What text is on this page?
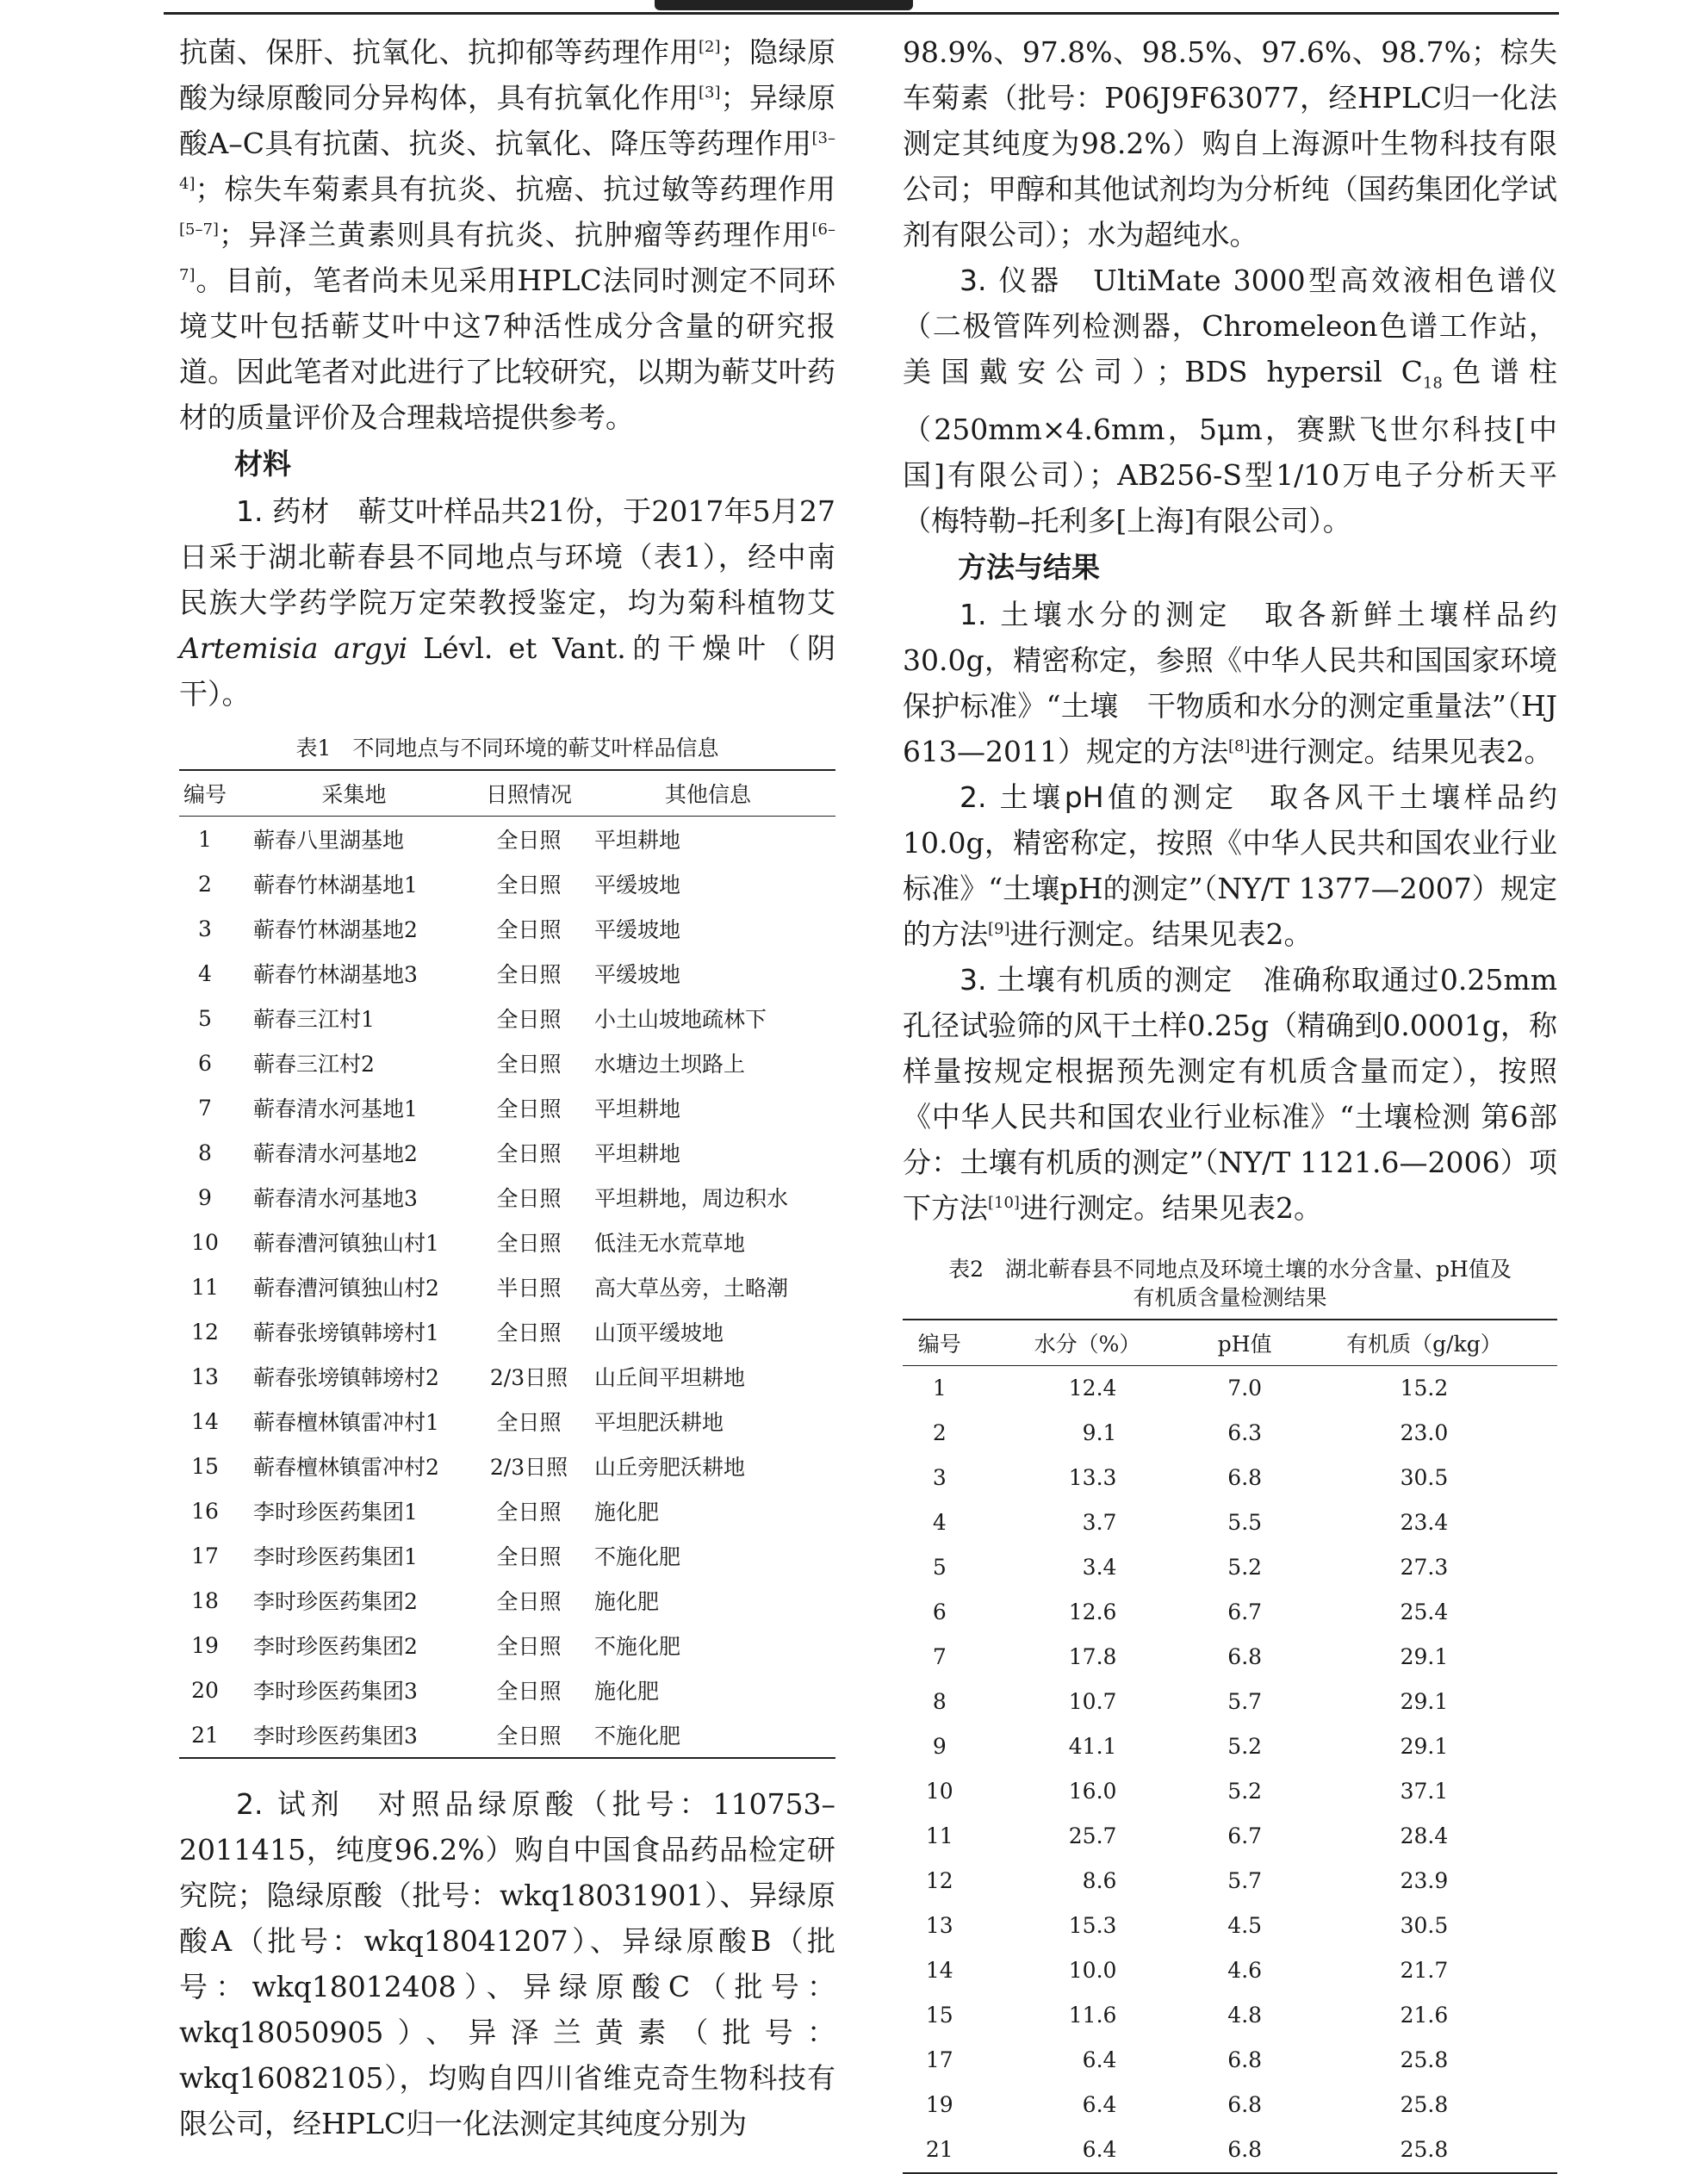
抗菌、保肝、抗氧化、抗抑郁等药理作用[2]；隐绿原酸为绿原酸同分异构体，具有抗氧化作用[3]；异绿原酸A–C具有抗菌、抗炎、抗氧化、降压等药理作用[3–4]；棕失车菊素具有抗炎、抗癌、抗过敏等药理作用[5–7]；异泽兰黄素则具有抗炎、抗肿瘤等药理作用[6–7]。目前，笔者尚未见采用HPLC法同时测定不同环境艾叶包括蕲艾叶中这7种活性成分含量的研究报道。因此笔者对此进行了比较研究，以期为蕲艾叶药材的质量评价及合理栽培提供参考。

材料

1. 药材　 蕲艾叶样品共21份，于2017年5月27日采于湖北蕲春县不同地点与环境（表1），经中南民族大学药学院万定荣教授鉴定，均为菊科植物艾Artemisia argyi Lévl. et Vant.的干燥叶（阴干）。

表1　不同地点与不同环境的蕲艾叶样品信息
编号	采集地	日照情况	其他信息
1	蕲春八里湖基地	全日照	平坦耕地
2	蕲春竹林湖基地1	全日照	平缓坡地
3	蕲春竹林湖基地2	全日照	平缓坡地
4	蕲春竹林湖基地3	全日照	平缓坡地
5	蕲春三江村1	全日照	小土山坡地疏林下
6	蕲春三江村2	全日照	水塘边土坝路上
7	蕲春清水河基地1	全日照	平坦耕地
8	蕲春清水河基地2	全日照	平坦耕地
9	蕲春清水河基地3	全日照	平坦耕地，周边积水
10	蕲春漕河镇独山村1	全日照	低洼无水荒草地
11	蕲春漕河镇独山村2	半日照	高大草丛旁，土略潮
12	蕲春张塝镇韩塝村1	全日照	山顶平缓坡地
13	蕲春张塝镇韩塝村2	2/3日照	山丘间平坦耕地
14	蕲春檀林镇雷冲村1	全日照	平坦肥沃耕地
15	蕲春檀林镇雷冲村2	2/3日照	山丘旁肥沃耕地
16	李时珍医药集团1	全日照	施化肥
17	李时珍医药集团1	全日照	不施化肥
18	李时珍医药集团2	全日照	施化肥
19	李时珍医药集团2	全日照	不施化肥
20	李时珍医药集团3	全日照	施化肥
21	李时珍医药集团3	全日照	不施化肥

2. 试剂　 对照品绿原酸（批号：110753–2011415，纯度96.2%）购自中国食品药品检定研究院；隐绿原酸（批号：wkq18031901）、异绿原酸A（批号：wkq18041207）、异绿原酸B（批号：wkq18012408）、异绿原酸C（批号：wkq18050905）、异泽兰黄素（批号：wkq16082105），均购自四川省维克奇生物科技有限公司，经HPLC归一化法测定其纯度分别为

98.9%、97.8%、98.5%、97.6%、98.7%；棕失车菊素（批号：P06J9F63077，经HPLC归一化法测定其纯度为98.2%）购自上海源叶生物科技有限公司；甲醇和其他试剂均为分析纯（国药集团化学试剂有限公司）；水为超纯水。

3. 仪器　 UltiMate 3000型高效液相色谱仪（二极管阵列检测器，Chromeleon色谱工作站，美国戴安公司）；BDS hypersil $C_{18}$色谱柱（250mm×4.6mm，5μm，赛默飞世尔科技[中国]有限公司）；AB256-S型1/10万电子分析天平（梅特勒–托利多[上海]有限公司）。

方法与结果

1. 土壤水分的测定　 取各新鲜土壤样品约30.0g，精密称定，参照《中华人民共和国国家环境保护标准》“土壤　干物质和水分的测定重量法”（HJ 613—2011）规定的方法[8]进行测定。结果见表2。

2. 土壤pH值的测定　 取各风干土壤样品约10.0g，精密称定，按照《中华人民共和国农业行业标准》“土壤pH的测定”（NY/T 1377—2007）规定的方法[9]进行测定。结果见表2。

3. 土壤有机质的测定　 准确称取通过0.25mm孔径试验筛的风干土样0.25g（精确到0.0001g，称样量按规定根据预先测定有机质含量而定），按照《中华人民共和国农业行业标准》“土壤检测 第6部分：土壤有机质的测定”（NY/T 1121.6—2006）项下方法[10]进行测定。结果见表2。

表2　湖北蕲春县不同地点及环境土壤的水分含量、pH值及
有机质含量检测结果
编号	水分（%）	pH值	有机质（g/kg）
1	12.4	7.0	15.2
2	9.1	6.3	23.0
3	13.3	6.8	30.5
4	3.7	5.5	23.4
5	3.4	5.2	27.3
6	12.6	6.7	25.4
7	17.8	6.8	29.1
8	10.7	5.7	29.1
9	41.1	5.2	29.1
10	16.0	5.2	37.1
11	25.7	6.7	28.4
12	8.6	5.7	23.9
13	15.3	4.5	30.5
14	10.0	4.6	21.7
15	11.6	4.8	21.6
17	6.4	6.8	25.8
19	6.4	6.8	25.8
21	6.4	6.8	25.8
